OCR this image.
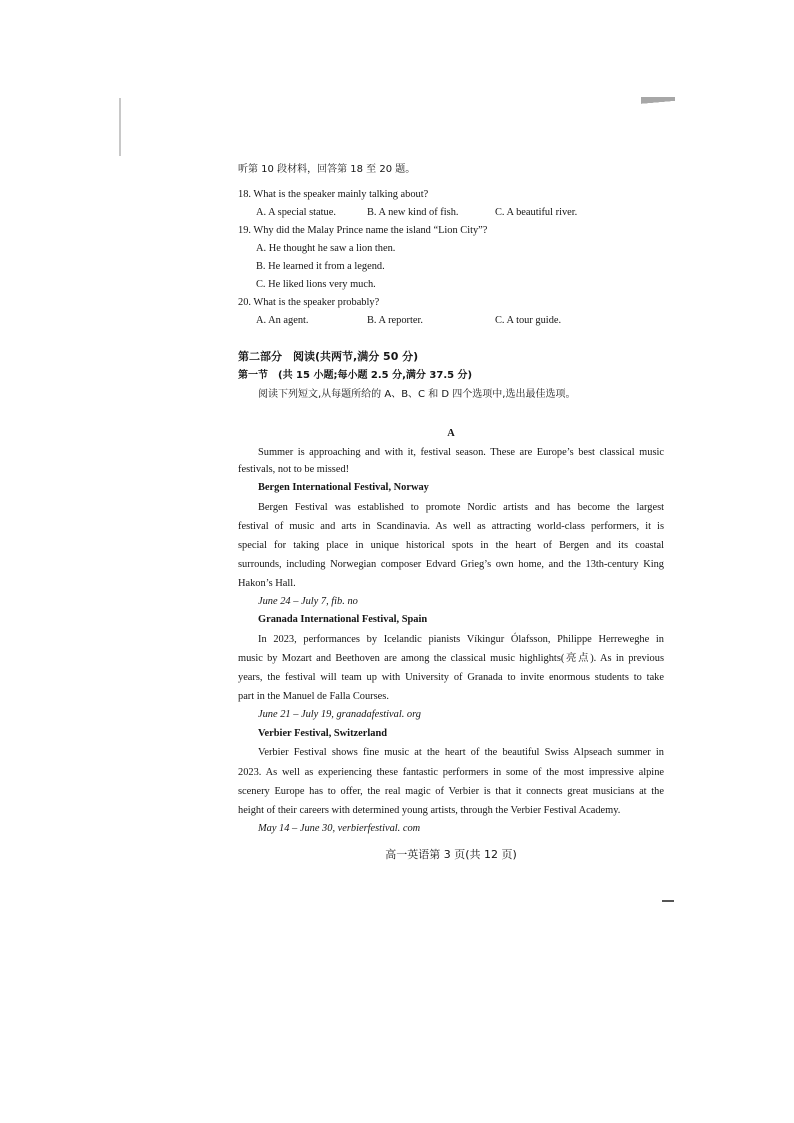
听第 10 段材料，回答第 18 至 20 题。
18. What is the speaker mainly talking about?
A. A special statue.	B. A new kind of fish.	C. A beautiful river.
19. Why did the Malay Prince name the island “Lion City”?
A. He thought he saw a lion then.
B. He learned it from a legend.
C. He liked lions very much.
20. What is the speaker probably?
A. An agent.	B. A reporter.	C. A tour guide.
第二部分　阅读(共两节,满分 50 分)
第一节　(共 15 小题;每小题 2.5 分,满分 37.5 分)
阅读下列短文,从每题所给的 A、B、C 和 D 四个选项中,选出最佳选项。
A
Summer is approaching and with it, festival season. These are Europe’s best classical music
festivals, not to be missed!
Bergen International Festival, Norway
Bergen Festival was established to promote Nordic artists and has become the largest
festival of music and arts in Scandinavia. As well as attracting world-class performers, it is
special for taking place in unique historical spots in the heart of Bergen and its coastal
surrounds, including Norwegian composer Edvard Grieg’s own home, and the 13th-century King
Hakon’s Hall.
June 24 – July 7, fib. no
Granada International Festival, Spain
In 2023, performances by Icelandic pianists Víkingur Ólafsson, Philippe Herreweghe in
music by Mozart and Beethoven are among the classical music highlights(亮点). As in previous
years, the festival will team up with University of Granada to invite enormous students to take
part in the Manuel de Falla Courses.
June 21 – July 19, granadafestival. org
Verbier Festival, Switzerland
Verbier Festival shows fine music at the heart of the beautiful Swiss Alpseach summer in
2023. As well as experiencing these fantastic performers in some of the most impressive alpine
scenery Europe has to offer, the real magic of Verbier is that it connects great musicians at the
height of their careers with determined young artists, through the Verbier Festival Academy.
May 14 – June 30, verbierfestival. com
高一英语第 3 页(共 12 页)
